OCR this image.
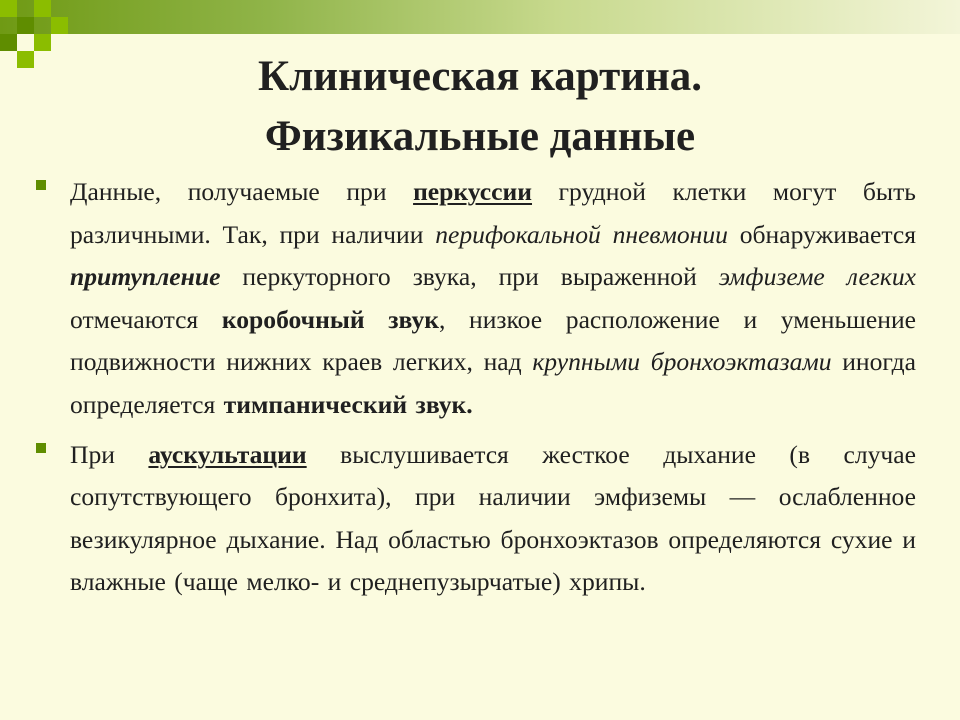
Клиническая картина.
Физикальные данные

Данные, получаемые при перкуссии грудной клетки могут быть различными. Так, при наличии перифокальной пневмонии обнаруживается притупление перкуторного звука, при выраженной эмфиземе легких отмечаются коробочный звук, низкое расположение и уменьшение подвижности нижних краев легких, над крупными бронхоэктазами иногда определяется тимпанический звук.

При аускультации выслушивается жесткое дыхание (в случае сопутствующего бронхита), при наличии эмфиземы — ослабленное везикулярное дыхание. Над областью бронхоэктазов определяются сухие и влажные (чаще мелко- и среднепузырчатые) хрипы.
